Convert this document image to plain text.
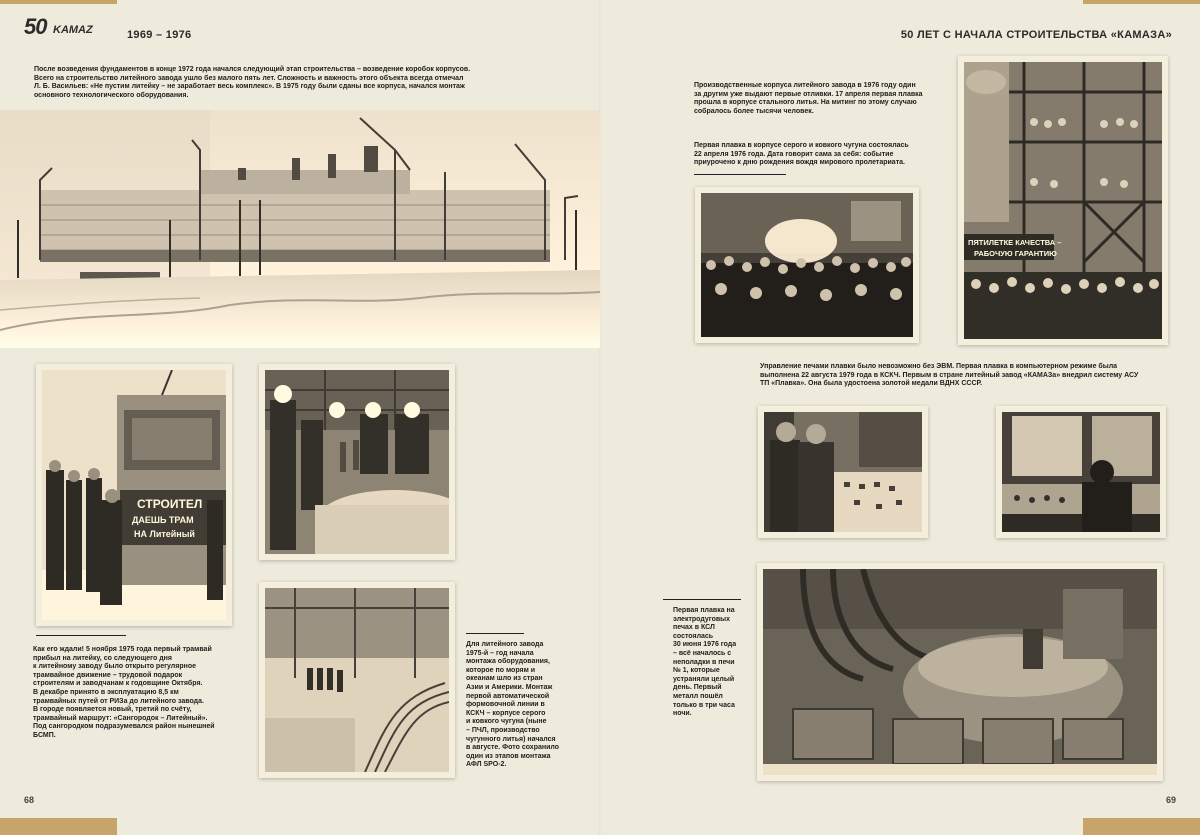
50 KAMAZ	1969 – 1976	50 ЛЕТ С НАЧАЛА СТРОИТЕЛЬСТВА «КАМАЗА»
После возведения фундаментов в конце 1972 года начался следующий этап строительства – возведение коробок корпусов.
Всего на строительство литейного завода ушло без малого пять лет. Сложность и важность этого объекта всегда отмечал
Л. Б. Васильев: «Не пустим литейку – не заработает весь комплекс». В 1975 году были сданы все корпуса, начался монтаж
основного технологического оборудования.
СТРОИТЕЛ
ДАЕШЬ ТРАМ
НА Литейный
Как его ждали! 5 ноября 1975 года первый трамвай
прибыл на литейку, со следующего дня
к литейному заводу было открыто регулярное
трамвайное движение – трудовой подарок
строителям и заводчанам к годовщине Октября.
В декабре принято в эксплуатацию 8,5 км
трамвайных путей от РИЗа до литейного завода.
В городе появляется новый, третий по счёту,
трамвайный маршрут: «Сангородок – Литейный».
Под сангородком подразумевался район нынешней
БСМП.
Для литейного завода
1975-й – год начала
монтажа оборудования,
которое по морям и
океанам шло из стран
Азии и Америки. Монтаж
первой автоматической
формовочной линии в
КСКЧ – корпусе серого
и ковкого чугуна (ныне
– ПЧЛ, производство
чугунного литья) начался
в августе. Фото сохранило
один из этапов монтажа
АФЛ SPO-2.
68
Производственные корпуса литейного завода в 1976 году один
за другим уже выдают первые отливки. 17 апреля первая плавка
прошла в корпусе стального литья. На митинг по этому случаю
собралось более тысячи человек.
Первая плавка в корпусе серого и ковкого чугуна состоялась
22 апреля 1976 года. Дата говорит сама за себя: событие
приурочено к дню рождения вождя мирового пролетариата.
ПЯТИЛЕТКЕ КАЧЕСТВА –
РАБОЧУЮ ГАРАНТИЮ
Управление печами плавки было невозможно без ЭВМ. Первая плавка в компьютерном режиме была
выполнена 22 августа 1979 года в КСКЧ. Первым в стране литейный завод «КАМАЗа» внедрил систему АСУ
ТП «Плавка». Она была удостоена золотой медали ВДНХ СССР.
Первая плавка на
электродуговых
печах в КСЛ
состоялась
30 июня 1976 года
– всё началось с
неполадки в печи
№ 1, которые
устраняли целый
день. Первый
металл пошёл
только в три часа
ночи.
69
